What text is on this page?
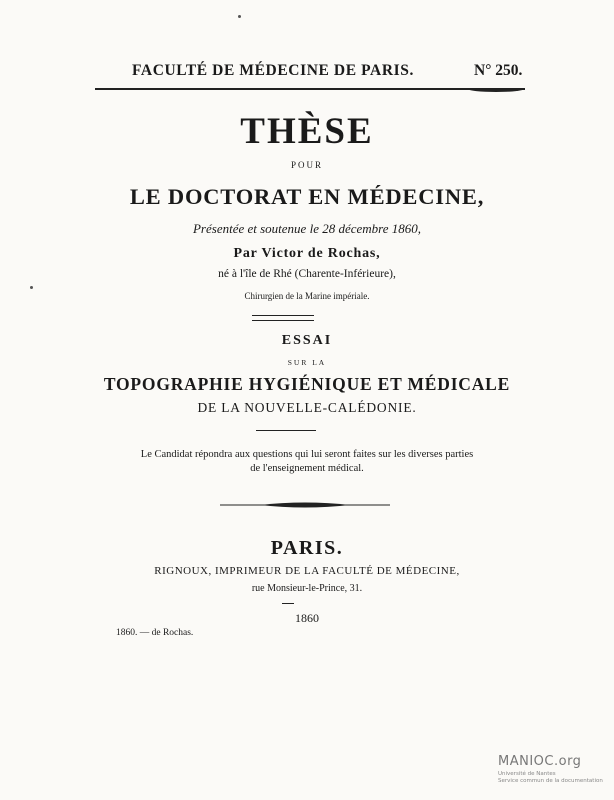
FACULTÉ DE MÉDECINE DE PARIS.	N° 250.
THÈSE
POUR
LE DOCTORAT EN MÉDECINE,
Présentée et soutenue le 28 décembre 1860,
Par Victor de Rochas,
né à l'île de Rhé (Charente-Inférieure),
Chirurgien de la Marine impériale.
ESSAI
SUR LA
TOPOGRAPHIE HYGIÉNIQUE ET MÉDICALE
DE LA NOUVELLE-CALÉDONIE.
Le Candidat répondra aux questions qui lui seront faites sur les diverses parties
de l'enseignement médical.
PARIS.
RIGNOUX, IMPRIMEUR DE LA FACULTÉ DE MÉDECINE,
rue Monsieur-le-Prince, 31.
1860
1860. — de Rochas.
MANIOC.org
Université de Nantes
Service commun de la documentation
